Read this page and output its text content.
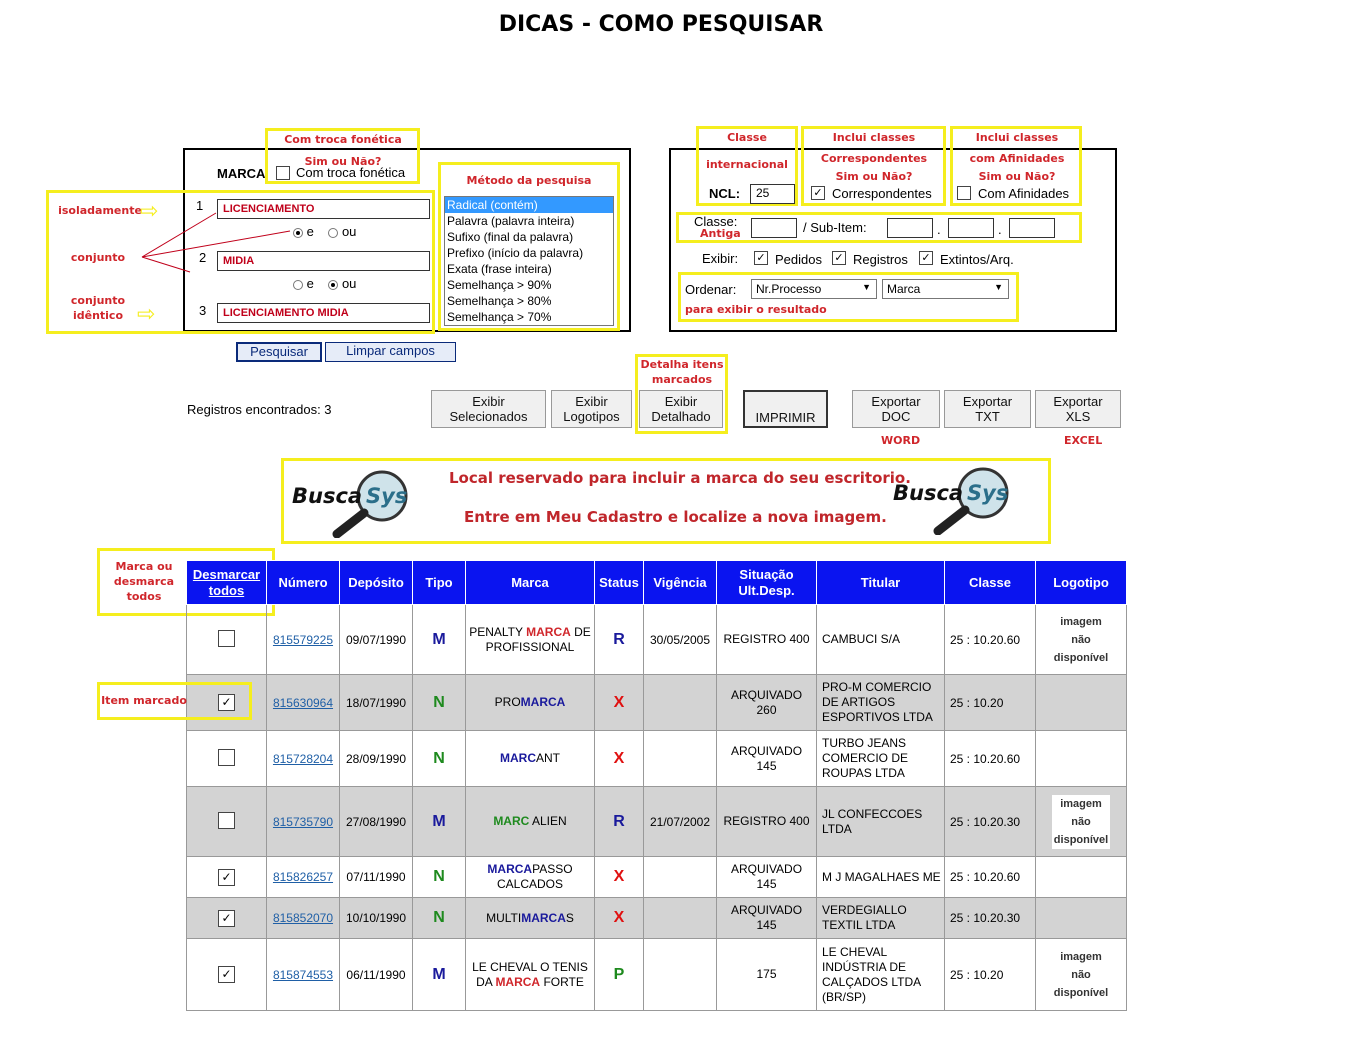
DICAS - COMO PESQUISAR
MARCA Com troca fonética
Com troca fonética
Sim ou Não?
1	LICENCIAMENTO
e ou
2	MIDIA
e ou
3	LICENCIAMENTO MIDIA
isoladamente
⇨
conjunto
conjunto
idêntico ⇨
Método da pesquisa
Radical (contém)
Palavra (palavra inteira)
Sufixo (final da palavra)
Prefixo (início da palavra)
Exata (frase inteira)
Semelhança > 90%
Semelhança > 80%
Semelhança > 70%
Pesquisar	Limpar campos
Classe
internacional
NCL:	25
Inclui classes
Correspondentes
Sim ou Não?
✓ Correspondentes
Inclui classes
com Afinidades
Sim ou Não?
Com Afinidades
Classe:
Antiga	/ Sub-Item:	.	.
Exibir: ✓ Pedidos ✓ Registros ✓ Extintos/Arq.
Ordenar:	Nr.Processo	▼	Marca	▼
para exibir o resultado
Registros encontrados: 3
Exibir
Selecionados
Exibir
Logotipos
Detalha itens
marcados
Exibir
Detalhado	IMPRIMIR
Exportar
DOC
Exportar
TXT
Exportar
XLS
WORD	EXCEL
Busca Sys
Local reservado para incluir a marca do seu escritorio.
Entre em Meu Cadastro e localize a nova imagem.
Busca Sys
Marca ou
desmarca
todos
Desmarcar todos	Número	Depósito	Tipo	Marca	Status	Vigência	Situação
Ult.Desp.	Titular	Classe	Logotipo
	815579225	09/07/1990	M	PENALTY MARCA DE PROFISSIONAL	R	30/05/2005	REGISTRO 400	CAMBUCI S/A	25 : 10.20.60	imagem
não
disponível

✓	815630964	18/07/1990	N	PROMARCA	X		ARQUIVADO 260	PRO-M COMERCIO DE ARTIGOS ESPORTIVOS LTDA	25 : 10.20	
	815728204	28/09/1990	N	MARCANT	X		ARQUIVADO 145	TURBO JEANS COMERCIO DE ROUPAS LTDA	25 : 10.20.60	
	815735790	27/08/1990	M	MARC ALIEN	R	21/07/2002	REGISTRO 400	JL CONFECCOES LTDA	25 : 10.20.30	imagem
não
disponível

✓	815826257	07/11/1990	N	MARCAPASSO CALCADOS	X		ARQUIVADO 145	M J MAGALHAES ME	25 : 10.20.60	
✓	815852070	10/10/1990	N	MULTIMARCAS	X		ARQUIVADO 145	VERDEGIALLO TEXTIL LTDA	25 : 10.20.30	
✓	815874553	06/11/1990	M	LE CHEVAL O TENIS DA MARCA FORTE	P		175	LE CHEVAL INDÚSTRIA DE CALÇADOS LTDA (BR/SP)	25 : 10.20	imagem
não
disponível
Item marcado
